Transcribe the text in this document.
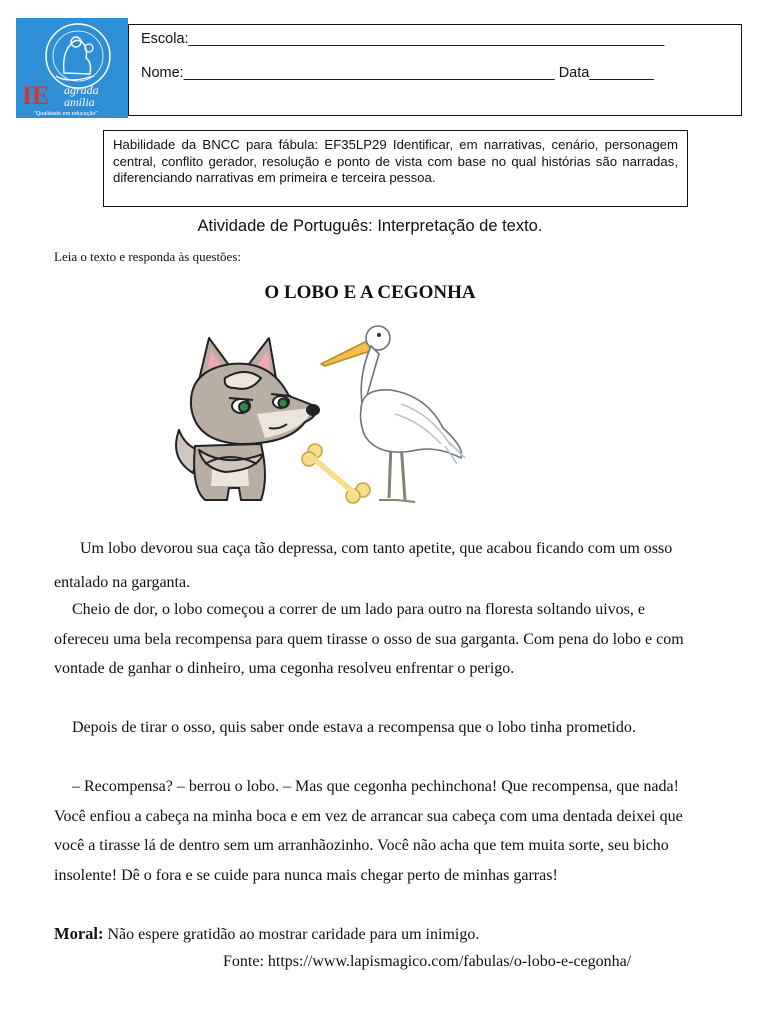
IE agrada
amília
"Qualidade em educação"
Escola:___________________________________________________________
Nome:______________________________________________ Data________
Habilidade da BNCC para fábula: EF35LP29 Identificar, em narrativas, cenário, personagem central, conflito gerador, resolução e ponto de vista com base no qual histórias são narradas, diferenciando narrativas em primeira e terceira pessoa.
Atividade de Português: Interpretação de texto.
Leia o texto e responda às questões:
O LOBO E A CEGONHA

Um lobo devorou sua caça tão depressa, com tanto apetite, que acabou ficando com um osso entalado na garganta.

Cheio de dor, o lobo começou a correr de um lado para outro na floresta soltando uivos, e ofereceu uma bela recompensa para quem tirasse o osso de sua garganta. Com pena do lobo e com vontade de ganhar o dinheiro, uma cegonha resolveu enfrentar o perigo.

Depois de tirar o osso, quis saber onde estava a recompensa que o lobo tinha prometido.

– Recompensa? – berrou o lobo. – Mas que cegonha pechinchona! Que recompensa, que nada! Você enfiou a cabeça na minha boca e em vez de arrancar sua cabeça com uma dentada deixei que você a tirasse lá de dentro sem um arranhãozinho. Você não acha que tem muita sorte, seu bicho insolente! Dê o fora e se cuide para nunca mais chegar perto de minhas garras!

Moral: Não espere gratidão ao mostrar caridade para um inimigo.
Fonte: https://www.lapismagico.com/fabulas/o-lobo-e-cegonha/
